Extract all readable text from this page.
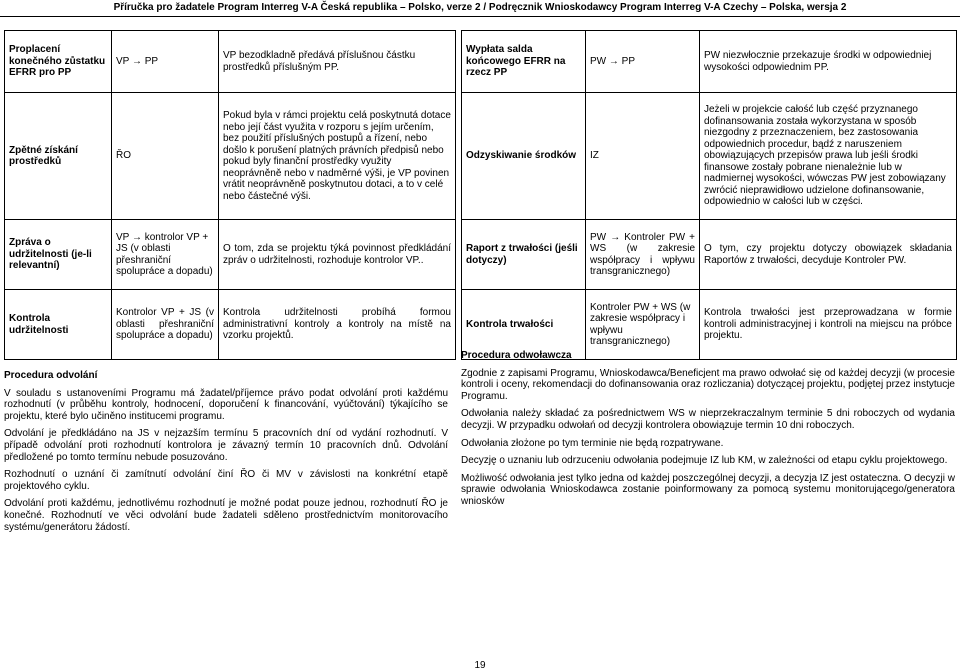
Příručka pro žadatele Program Interreg V-A Česká republika – Polsko, verze 2 / Podręcznik Wnioskodawcy Program Interreg V-A Czechy – Polska, wersja 2
Proplacení konečného zůstatku EFRR pro PP	VP → PP	VP bezodkladně předává příslušnou částku prostředků příslušným PP.
Zpětné získání prostředků	ŘO	Pokud byla v rámci projektu celá poskytnutá dotace nebo její část využita v rozporu s jejím určením, bez použití příslušných postupů a řízení, nebo došlo k porušení platných právních předpisů nebo pokud byly finanční prostředky využity neoprávněně nebo v nadměrné výši, je VP povinen vrátit neoprávněně poskytnutou dotaci, a to v celé nebo částečné výši.
Zpráva o udržitelnosti (je-li relevantní)	VP → kontrolor VP + JS (v oblasti přeshraniční spolupráce a dopadu)	O tom, zda se projektu týká povinnost předkládání zpráv o udržitelnosti, rozhoduje kontrolor VP..
Kontrola udržitelnosti	Kontrolor VP + JS (v oblasti přeshraniční spolupráce a dopadu)	Kontrola udržitelnosti probíhá formou administrativní kontroly a kontroly na místě na vzorku projektů.
Wypłata salda końcowego EFRR na rzecz PP	PW → PP	PW niezwłocznie przekazuje środki w odpowiedniej wysokości odpowiednim PP.
Odzyskiwanie środków	IZ	Jeżeli w projekcie całość lub część przyznanego dofinansowania została wykorzystana w sposób niezgodny z przeznaczeniem, bez zastosowania odpowiednich procedur, bądź z naruszeniem obowiązujących przepisów prawa lub jeśli środki finansowe zostały pobrane nienależnie lub w nadmiernej wysokości, wówczas PW jest zobowiązany zwrócić nieprawidłowo udzielone dofinansowanie, odpowiednio w całości lub w części.
Raport z trwałości (jeśli dotyczy)	PW → Kontroler PW + WS (w zakresie współpracy i wpływu transgranicznego)	O tym, czy projektu dotyczy obowiązek składania Raportów z trwałości, decyduje Kontroler PW.
Kontrola trwałości	Kontroler PW + WS (w zakresie współpracy i wpływu transgranicznego)	Kontrola trwałości jest przeprowadzana w formie kontroli administracyjnej i kontroli na miejscu na próbce projektu.
Procedura odvolání

V souladu s ustanoveními Programu má žadatel/příjemce právo podat odvolání proti každému rozhodnutí (v průběhu kontroly, hodnocení, doporučení k financování, vyúčtování) týkajícího se projektu, které bylo učiněno institucemi programu.

Odvolání je předkládáno na JS v nejzazším termínu 5 pracovních dní od vydání rozhodnutí. V případě odvolání proti rozhodnutí kontrolora je závazný termín 10 pracovních dnů. Odvolání předložené po tomto termínu nebude posuzováno.

Rozhodnutí o uznání či zamítnutí odvolání činí ŘO či MV v závislosti na konkrétní etapě projektového cyklu.

Odvolání proti každému, jednotlivému rozhodnutí je možné podat pouze jednou, rozhodnutí ŘO je konečné. Rozhodnutí ve věci odvolání bude žadateli sděleno prostřednictvím monitorovacího systému/generátoru žádostí.

Procedura odwoławcza

Zgodnie z zapisami Programu, Wnioskodawca/Beneficjent ma prawo odwołać się od każdej decyzji (w procesie kontroli i oceny, rekomendacji do dofinansowania oraz rozliczania) dotyczącej projektu, podjętej przez instytucje Programu.

Odwołania należy składać za pośrednictwem WS w nieprzekraczalnym terminie 5 dni roboczych od wydania decyzji. W przypadku odwołań od decyzji kontrolera obowiązuje termin 10 dni roboczych.

Odwołania złożone po tym terminie nie będą rozpatrywane.

Decyzję o uznaniu lub odrzuceniu odwołania podejmuje IZ lub KM, w zależności od etapu cyklu projektowego.

Możliwość odwołania jest tylko jedna od każdej poszczególnej decyzji, a decyzja IZ jest ostateczna. O decyzji w sprawie odwołania Wnioskodawca zostanie poinformowany za pomocą systemu monitorującego/generatora wniosków

19
